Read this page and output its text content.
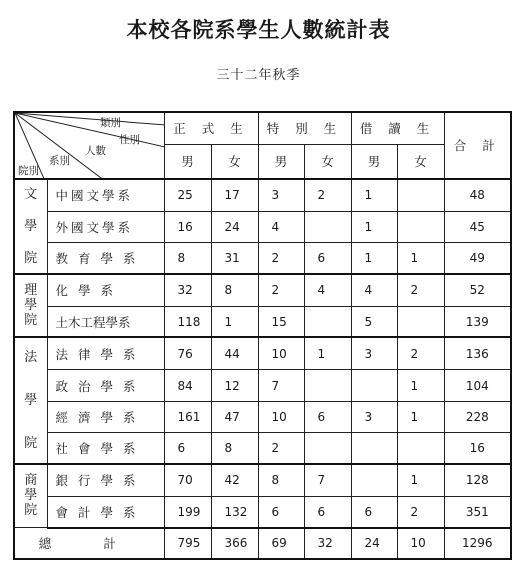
本校各院系學生人數統計表
三十二年秋季
類別
性別
人數
系別
院別		正 式 生		特 別 生		借 讀 生		合 計
		男	女	男	女	男	女	

文
學
院	中國文學系	25	17	3	2	1		48
	外國文學系	16	24	4		1		45
	教 育 學 系	8	31	2	6	1	1	49

理
學
院	化 學 系	32	8	2	4	4	2	52
	土木工程學系	118	1	15		5		139

法
學
院	法 律 學 系	76	44	10	1	3	2	136
	政 治 學 系	84	12	7			1	104
	經 濟 學 系	161	47	10	6	3	1	228
	社 會 學 系	6	8	2				16

商
學
院	銀 行 學 系	70	42	8	7		1	128
	會 計 學 系	199	132	6	6	6	2	351
總 計		795	366	69	32	24	10	1296
